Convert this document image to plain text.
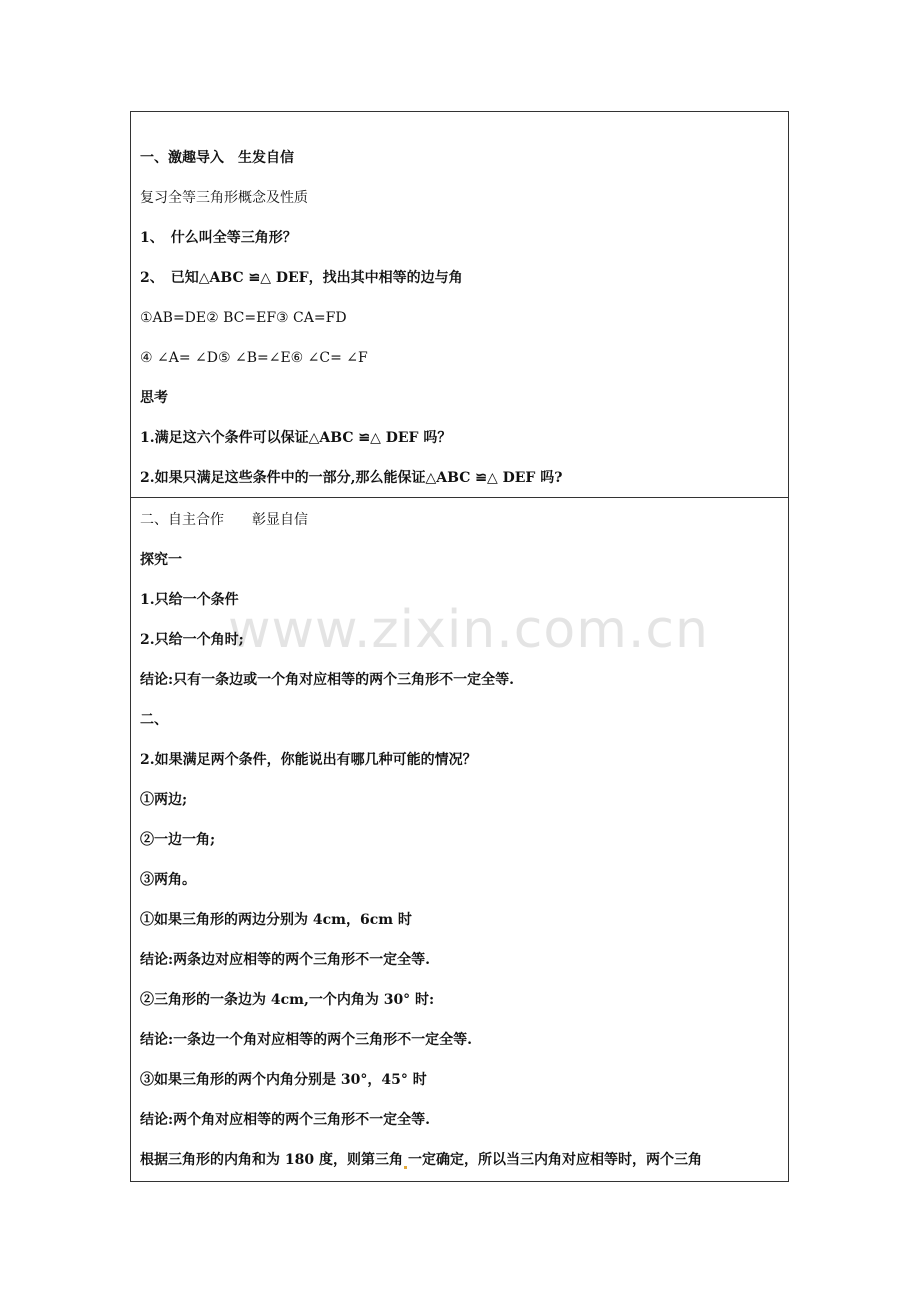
www.zixin.com.cn
一、激趣导入　生发自信
复习全等三角形概念及性质
1、　什么叫全等三角形？
2、　已知△ABC ≌△ DEF，找出其中相等的边与角
①AB=DE② BC=EF③ CA=FD
④ ∠A= ∠D⑤ ∠B=∠E⑥ ∠C= ∠F
思考
1.满足这六个条件可以保证△ABC ≌△ DEF 吗？
2.如果只满足这些条件中的一部分,那么能保证△ABC ≌△ DEF 吗?
二、自主合作　　彰显自信
探究一
1.只给一个条件
2.只给一个角时;
结论:只有一条边或一个角对应相等的两个三角形不一定全等.
二、
2.如果满足两个条件，你能说出有哪几种可能的情况？
①两边;
②一边一角;
③两角。
①如果三角形的两边分别为 4cm，6cm 时
结论:两条边对应相等的两个三角形不一定全等.
②三角形的一条边为 4cm,一个内角为 30° 时:
结论:一条边一个角对应相等的两个三角形不一定全等.
③如果三角形的两个内角分别是 30°，45° 时
结论:两个角对应相等的两个三角形不一定全等.
根据三角形的内角和为 180 度，则第三角 一定确定，所以当三内角对应相等时，两个三角
